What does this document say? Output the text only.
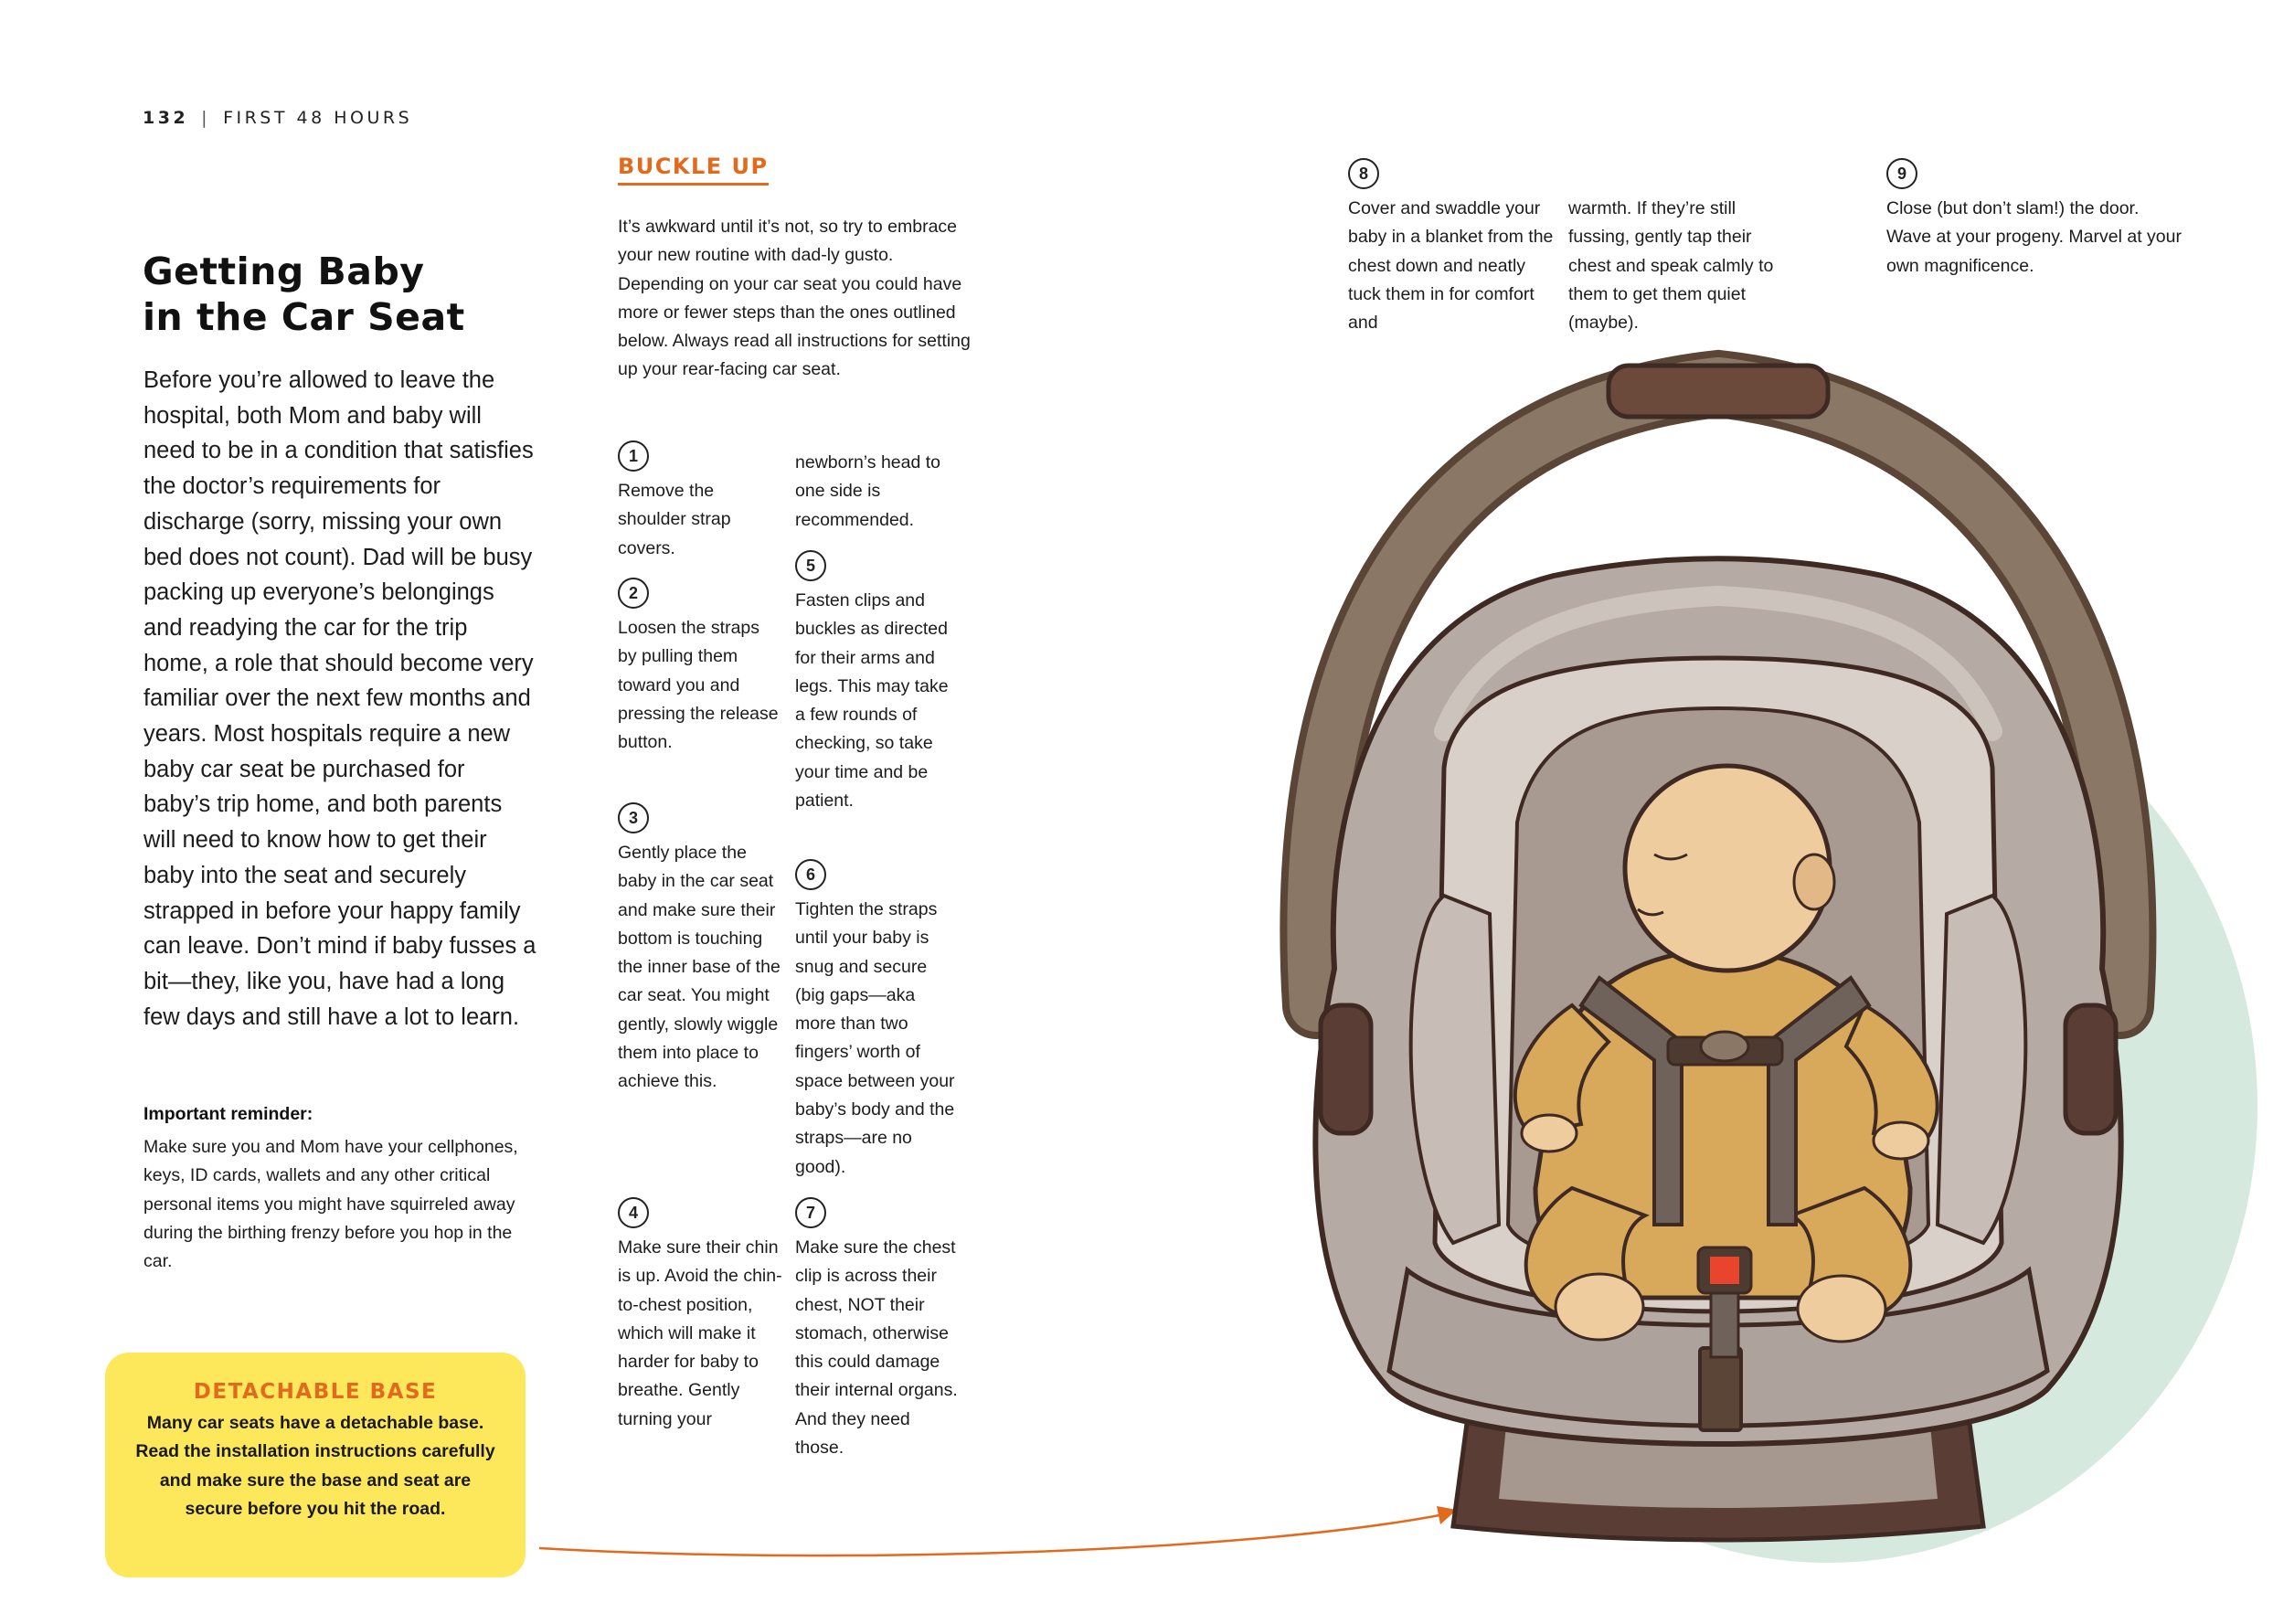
132 | FIRST 48 HOURS
Getting Baby
in the Car Seat

Before you’re allowed to leave the hospital, both Mom and baby will need to be in a condition that satisfies the doctor’s requirements for discharge (sorry, missing your own bed does not count). Dad will be busy packing up everyone’s belongings and readying the car for the trip home, a role that should become very familiar over the next few months and years. Most hospitals require a new baby car seat be purchased for baby’s trip home, and both parents will need to know how to get their baby into the seat and securely strapped in before your happy family can leave. Don’t mind if baby fusses a bit—they, like you, have had a long few days and still have a lot to learn.

Important reminder:

Make sure you and Mom have your cellphones, keys, ID cards, wallets and any other critical personal items you might have squirreled away during the birthing frenzy before you hop in the car.

DETACHABLE BASE

Many car seats have a detachable base. Read the installation instructions carefully and make sure the base and seat are secure before you hit the road.

BUCKLE UP

It’s awkward until it’s not, so try to embrace your new routine with dad-ly gusto. Depending on your car seat you could have more or fewer steps than the ones outlined below. Always read all instructions for setting up your rear-facing car seat.

1

Remove the shoulder strap covers.

2

Loosen the straps by pulling them toward you and pressing the release button.

3

Gently place the baby in the car seat and make sure their bottom is touching the inner base of the car seat. You might gently, slowly wiggle them into place to achieve this.

4

Make sure their chin is up. Avoid the chin-to-chest position, which will make it harder for baby to breathe. Gently turning your

newborn’s head to one side is recommended.

5

Fasten clips and buckles as directed for their arms and legs. This may take a few rounds of checking, so take your time and be patient.

6

Tighten the straps until your baby is snug and secure (big gaps—aka more than two fingers’ worth of space between your baby’s body and the straps—are no good).

7

Make sure the chest clip is across their chest, NOT their stomach, otherwise this could damage their internal organs. And they need those.

8

Cover and swaddle your baby in a blanket from the chest down and neatly tuck them in for comfort and

warmth. If they’re still fussing, gently tap their chest and speak calmly to them to get them quiet (maybe).

9

Close (but don’t slam!) the door. Wave at your progeny. Marvel at your own magnificence.
